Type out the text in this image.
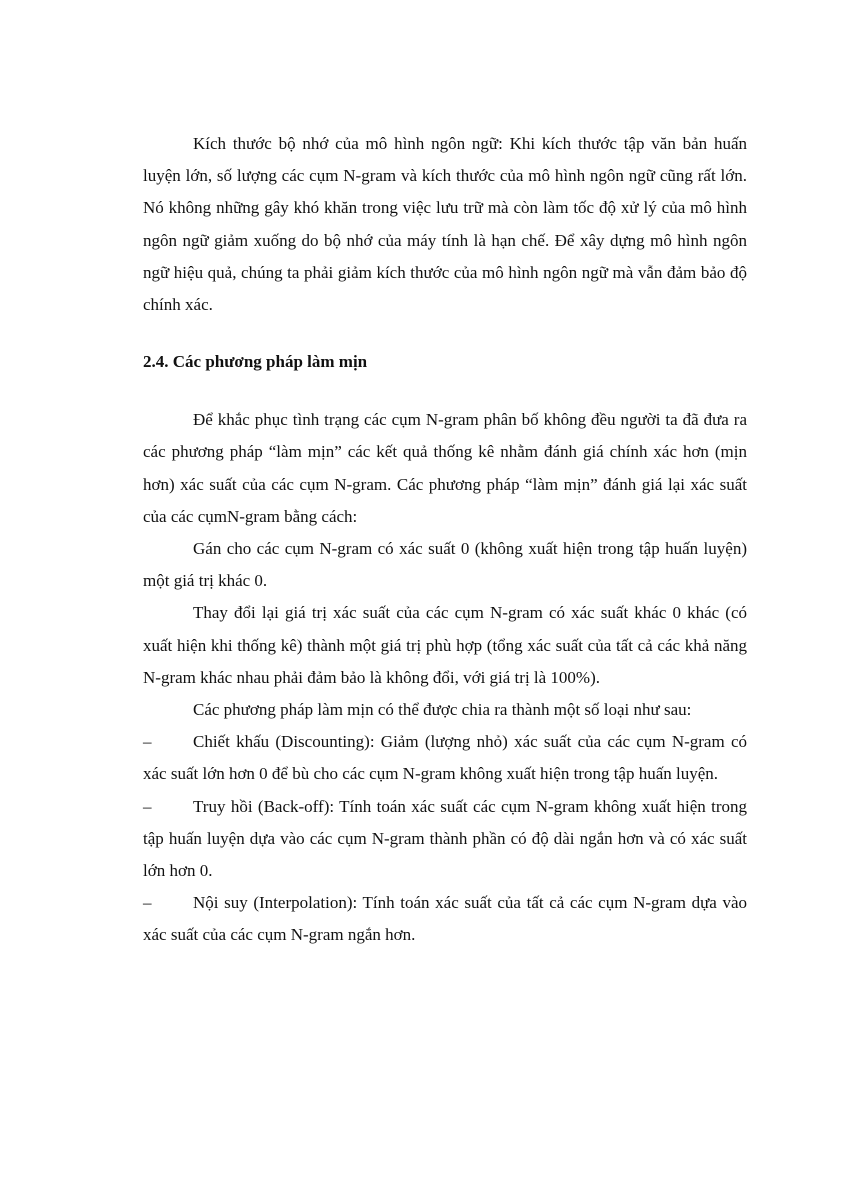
Kích thước bộ nhớ của mô hình ngôn ngữ: Khi kích thước tập văn bản huấn luyện lớn, số lượng các cụm N-gram và kích thước của mô hình ngôn ngữ cũng rất lớn. Nó không những gây khó khăn trong việc lưu trữ mà còn làm tốc độ xử lý của mô hình ngôn ngữ giảm xuống do bộ nhớ của máy tính là hạn chế. Để xây dựng mô hình ngôn ngữ hiệu quả, chúng ta phải giảm kích thước của mô hình ngôn ngữ mà vẫn đảm bảo độ chính xác.

2.4. Các phương pháp làm mịn

Để khắc phục tình trạng các cụm N-gram phân bố không đều người ta đã đưa ra các phương pháp “làm mịn” các kết quả thống kê nhằm đánh giá chính xác hơn (mịn hơn) xác suất của các cụm N-gram. Các phương pháp “làm mịn” đánh giá lại xác suất của các cụmN-gram bằng cách:

Gán cho các cụm N-gram có xác suất 0 (không xuất hiện trong tập huấn luyện) một giá trị khác 0.

Thay đổi lại giá trị xác suất của các cụm N-gram có xác suất khác 0 khác (có xuất hiện khi thống kê) thành một giá trị phù hợp (tổng xác suất của tất cả các khả năng N-gram khác nhau phải đảm bảo là không đổi, với giá trị là 100%).

Các phương pháp làm mịn có thể được chia ra thành một số loại như sau:

–	Chiết khấu (Discounting): Giảm (lượng nhỏ) xác suất của các cụm N-gram có xác suất lớn hơn 0 để bù cho các cụm N-gram không xuất hiện trong tập huấn luyện.
–	Truy hồi (Back-off): Tính toán xác suất các cụm N-gram không xuất hiện trong tập huấn luyện dựa vào các cụm N-gram thành phần có độ dài ngắn hơn và có xác suất lớn hơn 0.
–	Nội suy (Interpolation): Tính toán xác suất của tất cả các cụm N-gram dựa vào xác suất của các cụm N-gram ngắn hơn.
